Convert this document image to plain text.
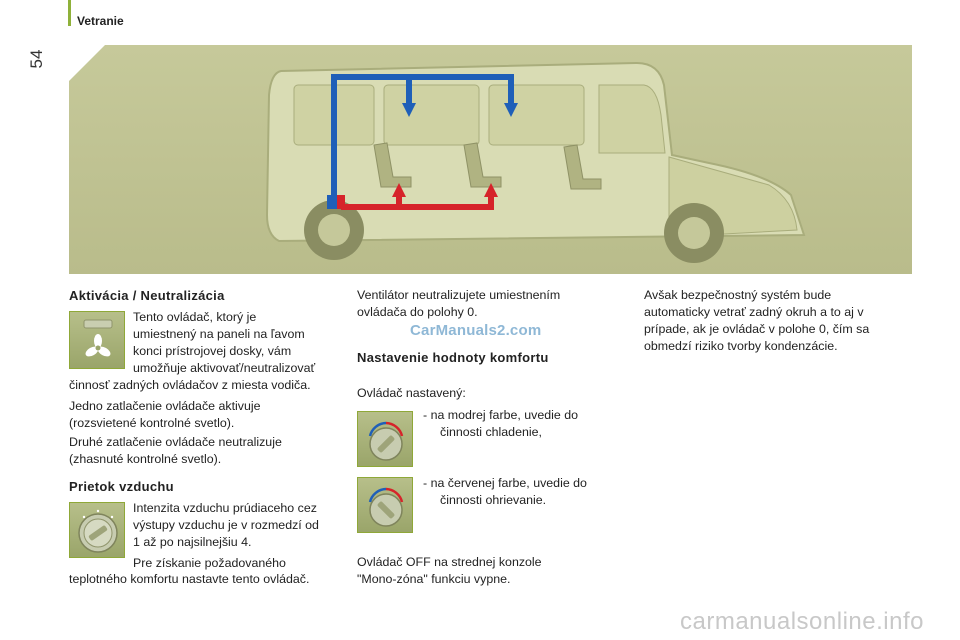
54
Vetranie
Aktivácia / Neutralizácia
Tento ovládač, ktorý je
umiestnený na paneli na ľavom
konci prístrojovej dosky, vám
umožňuje aktivovať/neutralizovať
činnosť zadných ovládačov z miesta vodiča.
Jedno zatlačenie ovládače aktivuje
(rozsvietené kontrolné svetlo).
Druhé zatlačenie ovládače neutralizuje
(zhasnuté kontrolné svetlo).
Prietok vzduchu
Intenzita vzduchu prúdiaceho cez
výstupy vzduchu je v rozmedzí od
1 až po najsilnejšiu 4.
Pre získanie požadovaného
teplotného komfortu nastavte tento ovládač.
Ventilátor neutralizujete umiestnením
ovládača do polohy 0.
CarManuals2.com
Nastavenie hodnoty komfortu
Ovládač nastavený:
- na modrej farbe, uvedie do
činnosti chladenie,
- na červenej farbe, uvedie do
činnosti ohrievanie.
Ovládač OFF na strednej konzole
"Mono-zóna" funkciu vypne.
Avšak bezpečnostný systém bude
automaticky vetrať zadný okruh a to aj v
prípade, ak je ovládač v polohe 0, čím sa
obmedzí riziko tvorby kondenzácie.
carmanualsonline.info
